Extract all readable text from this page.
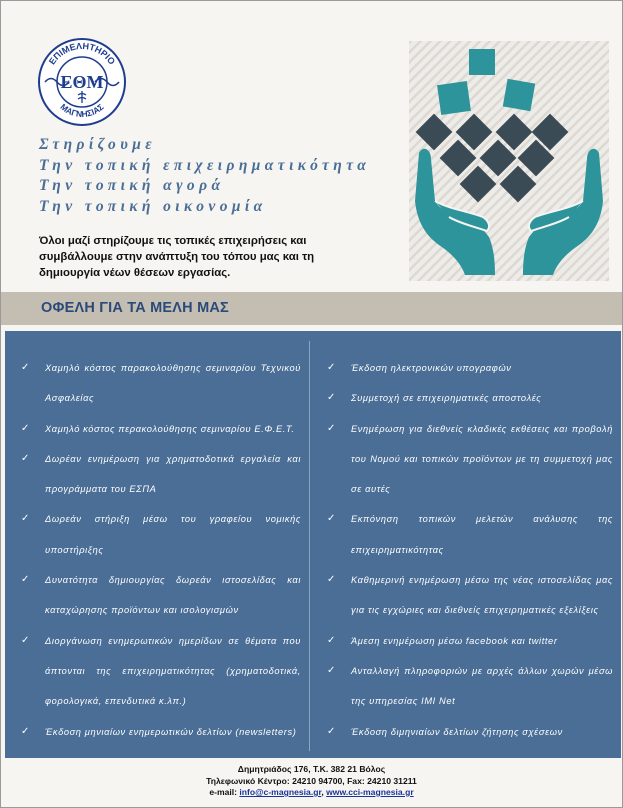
ΕΠΙΜΕΛΗΤΗΡΙΟ
ΜΑΓΝΗΣΙΑΣ
ΕΘΜ
Στηρίζουμε
Την τοπική επιχειρηματικότητα
Την τοπική αγορά
Την τοπική οικονομία
Όλοι μαζί στηρίζουμε τις τοπικές επιχειρήσεις και συμβάλλουμε στην ανάπτυξη του τόπου μας και τη δημιουργία νέων θέσεων εργασίας.
ΟΦΕΛΗ ΓΙΑ ΤΑ ΜΕΛΗ ΜΑΣ
✓ Χαμηλό κόστος παρακολούθησης σεμιναρίου Τεχνικού Ασφαλείας
✓ Χαμηλό κόστος περακολούθησης σεμιναρίου Ε.Φ.Ε.Τ.
✓ Δωρέαν ενημέρωση για χρηματοδοτικά εργαλεία και προγράμματα του ΕΣΠΑ
✓ Δωρεάν στήριξη μέσω του γραφείου νομικής υποστήριξης
✓ Δυνατότητα δημιουργίας δωρεάν ιστοσελίδας και καταχώρησης προϊόντων και ισολογισμών
✓ Διοργάνωση ενημερωτικών ημερίδων σε θέματα που άπτονται της επιχειρηματικότητας (χρηματοδοτικά, φορολογικά, επενδυτικά κ.λπ.)
✓ Έκδοση μηνιαίων ενημερωτικών δελτίων (newsletters)
✓ Έκδοση ηλεκτρονικών υπογραφών
✓ Συμμετοχή σε επιχειρηματικές αποστολές
✓ Ενημέρωση για διεθνείς κλαδικές εκθέσεις και προβολή του Νομού και τοπικών προϊόντων με τη συμμετοχή μας σε αυτές
✓ Εκπόνηση τοπικών μελετών ανάλυσης της επιχειρηματικότητας
✓ Καθημερινή ενημέρωση μέσω της νέας ιστοσελίδας μας για τις εγχώριες και διεθνείς επιχειρηματικές εξελίξεις
✓ Άμεση ενημέρωση μέσω facebook και twitter
✓ Ανταλλαγή πληροφοριών με αρχές άλλων χωρών μέσω της υπηρεσίας IMI Net
✓ Έκδοση διμηνιαίων δελτίων ζήτησης σχέσεων
Δημητριάδος 176, Τ.Κ. 382 21 Βόλος
Τηλεφωνικό Κέντρο: 24210 94700, Fax: 24210 31211
e-mail: info@c-magnesia.gr, www.cci-magnesia.gr
